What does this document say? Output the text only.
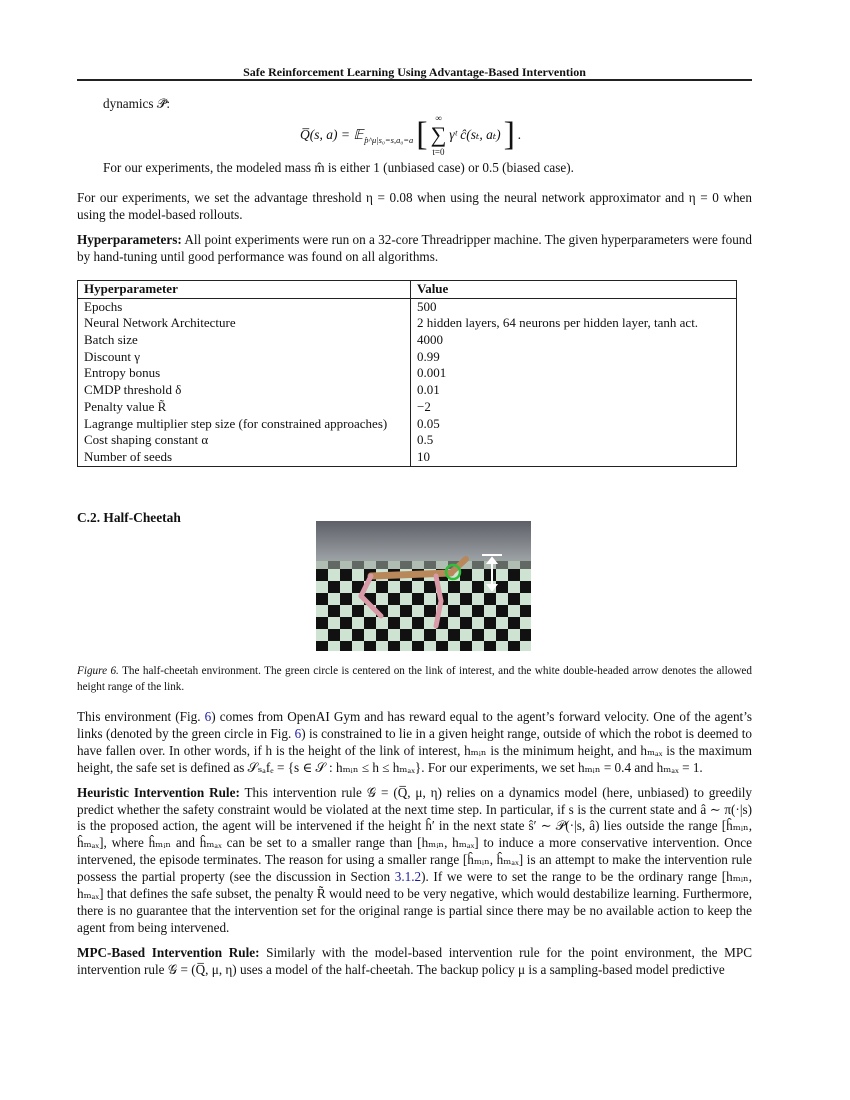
Safe Reinforcement Learning Using Advantage-Based Intervention
dynamics 𝒫̂:
Q̅(s, a) = 𝔼 p̂^μ|s₀=s,a₀=a [ ∞
∑
t=0
γᵗ ĉ(sₜ, aₜ) ] .
For our experiments, the modeled mass m̂ is either 1 (unbiased case) or 0.5 (biased case).
For our experiments, we set the advantage threshold η = 0.08 when using the neural network approximator and η = 0 when using the model-based rollouts.
Hyperparameters: All point experiments were run on a 32-core Threadripper machine. The given hyperparameters were found by hand-tuning until good performance was found on all algorithms.
Hyperparameter	Value
Epochs	500
Neural Network Architecture	2 hidden layers, 64 neurons per hidden layer, tanh act.
Batch size	4000
Discount γ	0.99
Entropy bonus	0.001
CMDP threshold δ	0.01
Penalty value R̃	−2
Lagrange multiplier step size (for constrained approaches)	0.05
Cost shaping constant α	0.5
Number of seeds	10
C.2. Half-Cheetah
Figure 6. The half-cheetah environment. The green circle is centered on the link of interest, and the white double-headed arrow denotes the allowed height range of the link.

This environment (Fig. 6) comes from OpenAI Gym and has reward equal to the agent’s forward velocity. One of the agent’s links (denoted by the green circle in Fig. 6) is constrained to lie in a given height range, outside of which the robot is deemed to have fallen over. In other words, if h is the height of the link of interest, hₘᵢₙ is the minimum height, and hₘₐₓ is the maximum height, the safe set is defined as 𝒮ₛₐfₑ = {s ∈ 𝒮 : hₘᵢₙ ≤ h ≤ hₘₐₓ}. For our experiments, we set hₘᵢₙ = 0.4 and hₘₐₓ = 1.

Heuristic Intervention Rule: This intervention rule 𝒢 = (Q̅, μ, η) relies on a dynamics model (here, unbiased) to greedily predict whether the safety constraint would be violated at the next time step. In particular, if s is the current state and â ∼ π(·|s) is the proposed action, the agent will be intervened if the height ĥ′ in the next state ŝ′ ∼ 𝒫(·|s, â) lies outside the range [ĥₘᵢₙ, ĥₘₐₓ], where ĥₘᵢₙ and ĥₘₐₓ can be set to a smaller range than [hₘᵢₙ, hₘₐₓ] to induce a more conservative intervention. Once intervened, the episode terminates. The reason for using a smaller range [ĥₘᵢₙ, ĥₘₐₓ] is an attempt to make the intervention rule possess the partial property (see the discussion in Section 3.1.2). If we were to set the range to be the ordinary range [hₘᵢₙ, hₘₐₓ] that defines the safe subset, the penalty R̃ would need to be very negative, which would destabilize learning. Furthermore, there is no guarantee that the intervention set for the original range is partial since there may be no available action to keep the agent from being intervened.

MPC-Based Intervention Rule: Similarly with the model-based intervention rule for the point environment, the MPC intervention rule 𝒢 = (Q̅, μ, η) uses a model of the half-cheetah. The backup policy μ is a sampling-based model predictive
